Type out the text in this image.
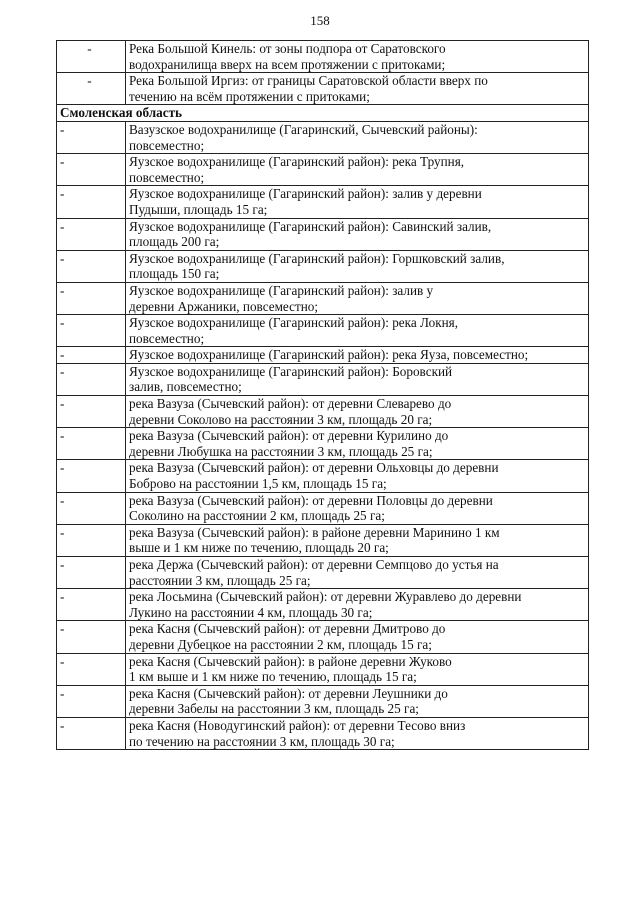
158
-	Река Большой Кинель: от зоны подпора от Саратовского
водохранилища вверх на всем протяжении с притоками;

-	Река Большой Иргиз: от границы Саратовской области вверх по
течению на всём протяжении с притоками;

Смоленская область	
-	Вазузское водохранилище (Гагаринский, Сычевский районы):
повсеместно;

-	Яузское водохранилище (Гагаринский район): река Трупня,
повсеместно;

-	Яузское водохранилище (Гагаринский район): залив у деревни
Пудыши, площадь 15 га;

-	Яузское водохранилище (Гагаринский район): Савинский залив,
площадь 200 га;

-	Яузское водохранилище (Гагаринский район): Горшковский залив,
площадь 150 га;

-	Яузское водохранилище (Гагаринский район): залив у
деревни Аржаники, повсеместно;

-	Яузское водохранилище (Гагаринский район): река Локня,
повсеместно;

-	Яузское водохранилище (Гагаринский район): река Яуза, повсеместно;

-	Яузское водохранилище (Гагаринский район): Боровский
залив, повсеместно;

-	река Вазуза (Сычевский район): от деревни Слеварево до
деревни Соколово на расстоянии 3 км, площадь 20 га;

-	река Вазуза (Сычевский район): от деревни Курилино до
деревни Любушка на расстоянии 3 км, площадь 25 га;

-	река Вазуза (Сычевский район): от деревни Ольховцы до деревни
Боброво на расстоянии 1,5 км, площадь 15 га;

-	река Вазуза (Сычевский район): от деревни Половцы до деревни
Соколино на расстоянии 2 км, площадь 25 га;

-	река Вазуза (Сычевский район): в районе деревни Маринино 1 км
выше и 1 км ниже по течению, площадь 20 га;

-	река Держа (Сычевский район): от деревни Семпцово до устья на
расстоянии 3 км, площадь 25 га;

-	река Лосьмина (Сычевский район): от деревни Журавлево до деревни
Лукино на расстоянии 4 км, площадь 30 га;

-	река Касня (Сычевский район): от деревни Дмитрово до
деревни Дубецкое на расстоянии 2 км, площадь 15 га;

-	река Касня (Сычевский район): в районе деревни Жуково
1 км выше и 1 км ниже по течению, площадь 15 га;

-	река Касня (Сычевский район): от деревни Леушники до
деревни Забелы на расстоянии 3 км, площадь 25 га;

-	река Касня (Новодугинский район): от деревни Тесово вниз
по течению на расстоянии 3 км, площадь 30 га;
